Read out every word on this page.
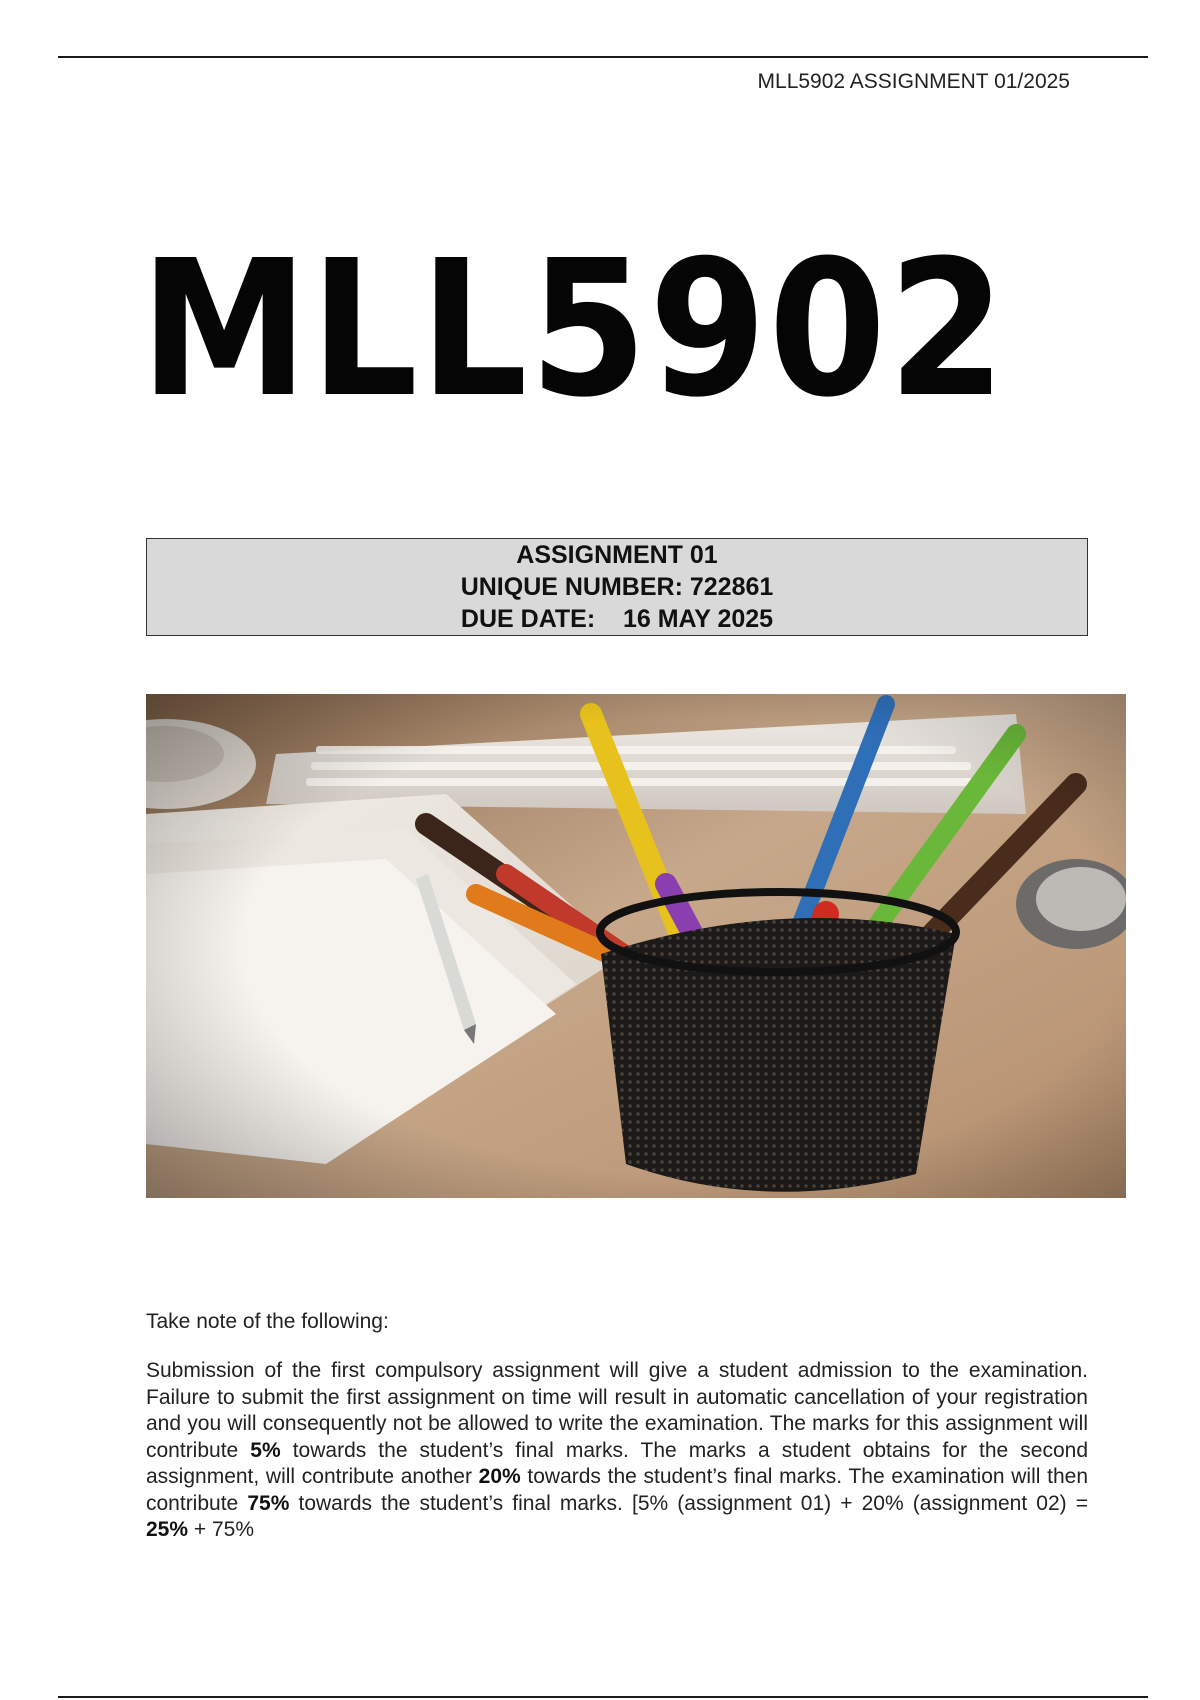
MLL5902 ASSIGNMENT 01/2025
MLL5902
ASSIGNMENT 01
UNIQUE NUMBER: 722861
DUE DATE:    16 MAY 2025
Take note of the following:
Submission of the first compulsory assignment will give a student admission to the examination. Failure to submit the first assignment on time will result in automatic cancellation of your registration and you will consequently not be allowed to write the examination. The marks for this assignment will contribute 5% towards the student’s final marks. The marks a student obtains for the second assignment, will contribute another 20% towards the student’s final marks. The examination will then contribute 75% towards the student’s final marks. [5% (assignment 01) + 20% (assignment 02) = 25% + 75%
